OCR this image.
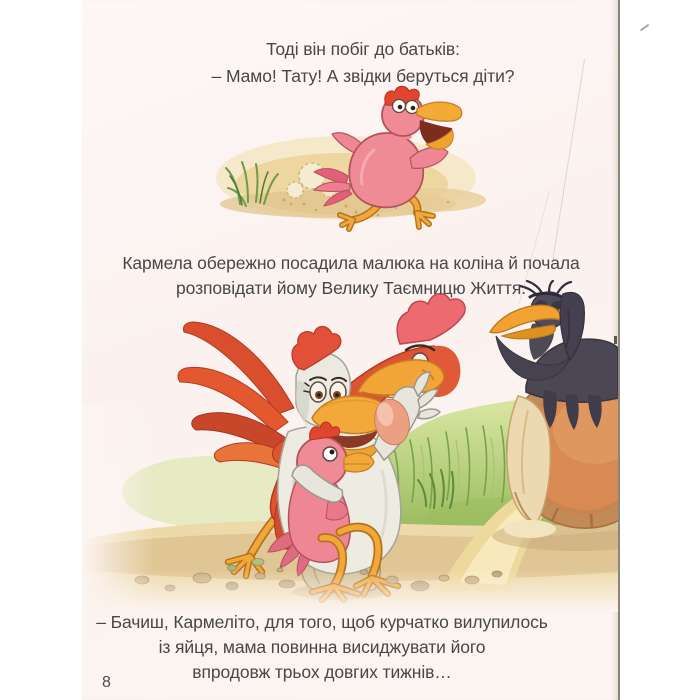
Тоді він побіг до батьків:
– Мамо! Тату! А звідки беруться діти?
Кармела обережно посадила малюка на коліна й почала
розповідати йому Велику Таємницю Життя.
– Бачиш, Кармеліто, для того, щоб курчатко вилупилось
із яйця, мама повинна висиджувати його
впродовж трьох довгих тижнів…
8
